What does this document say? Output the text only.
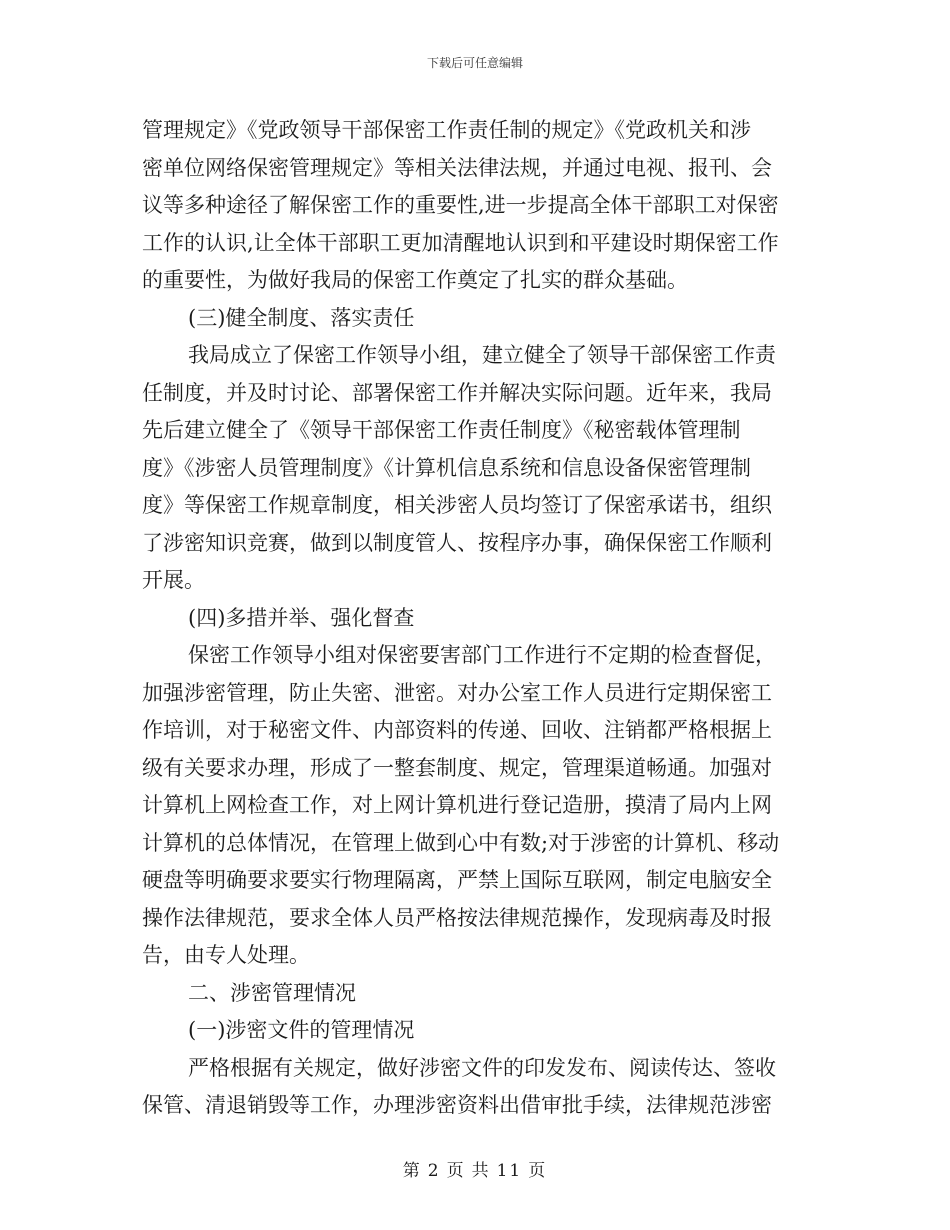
下载后可任意编辑
管理规定》《党政领导干部保密工作责任制的规定》《党政机关和涉
密单位网络保密管理规定》等相关法律法规，并通过电视、报刊、会
议等多种途径了解保密工作的重要性,进一步提高全体干部职工对保密
工作的认识,让全体干部职工更加清醒地认识到和平建设时期保密工作
的重要性，为做好我局的保密工作奠定了扎实的群众基础。
(三)健全制度、落实责任
我局成立了保密工作领导小组，建立健全了领导干部保密工作责
任制度，并及时讨论、部署保密工作并解决实际问题。近年来，我局
先后建立健全了《领导干部保密工作责任制度》《秘密载体管理制
度》《涉密人员管理制度》《计算机信息系统和信息设备保密管理制
度》等保密工作规章制度，相关涉密人员均签订了保密承诺书，组织
了涉密知识竞赛，做到以制度管人、按程序办事，确保保密工作顺利
开展。
(四)多措并举、强化督查
保密工作领导小组对保密要害部门工作进行不定期的检查督促，
加强涉密管理，防止失密、泄密。对办公室工作人员进行定期保密工
作培训，对于秘密文件、内部资料的传递、回收、注销都严格根据上
级有关要求办理，形成了一整套制度、规定，管理渠道畅通。加强对
计算机上网检查工作，对上网计算机进行登记造册，摸清了局内上网
计算机的总体情况，在管理上做到心中有数;对于涉密的计算机、移动
硬盘等明确要求要实行物理隔离，严禁上国际互联网，制定电脑安全
操作法律规范，要求全体人员严格按法律规范操作，发现病毒及时报
告，由专人处理。
二、涉密管理情况
(一)涉密文件的管理情况
严格根据有关规定，做好涉密文件的印发发布、阅读传达、签收
保管、清退销毁等工作，办理涉密资料出借审批手续，法律规范涉密
第 2 页 共 11 页
